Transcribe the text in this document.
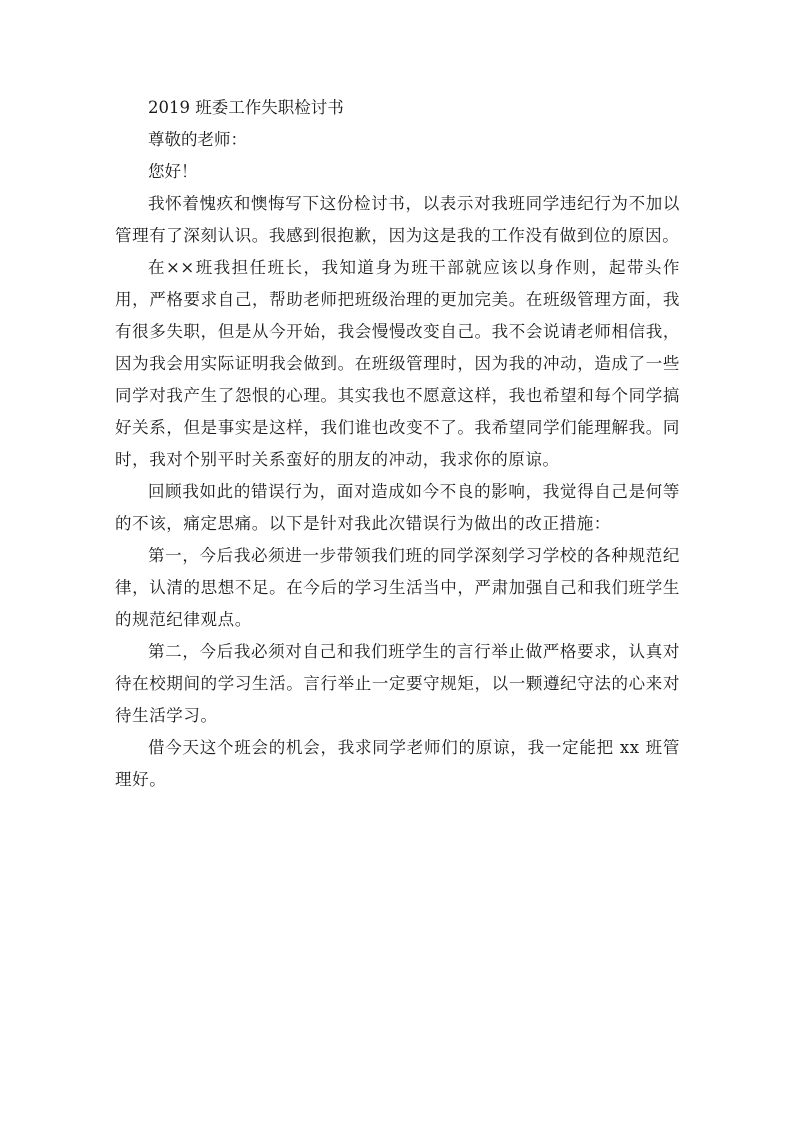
2019 班委工作失职检讨书

尊敬的老师：

您好！

我怀着愧疚和懊悔写下这份检讨书，以表示对我班同学违纪行为不加以管理有了深刻认识。我感到很抱歉，因为这是我的工作没有做到位的原因。

在××班我担任班长，我知道身为班干部就应该以身作则，起带头作用，严格要求自己，帮助老师把班级治理的更加完美。在班级管理方面，我有很多失职，但是从今开始，我会慢慢改变自己。我不会说请老师相信我，因为我会用实际证明我会做到。在班级管理时，因为我的冲动，造成了一些同学对我产生了怨恨的心理。其实我也不愿意这样，我也希望和每个同学搞好关系，但是事实是这样，我们谁也改变不了。我希望同学们能理解我。同时，我对个别平时关系蛮好的朋友的冲动，我求你的原谅。

回顾我如此的错误行为，面对造成如今不良的影响，我觉得自己是何等的不该，痛定思痛。以下是针对我此次错误行为做出的改正措施：

第一，今后我必须进一步带领我们班的同学深刻学习学校的各种规范纪律，认清的思想不足。在今后的学习生活当中，严肃加强自己和我们班学生的规范纪律观点。

第二，今后我必须对自己和我们班学生的言行举止做严格要求，认真对待在校期间的学习生活。言行举止一定要守规矩，以一颗遵纪守法的心来对待生活学习。

借今天这个班会的机会，我求同学老师们的原谅，我一定能把 xx 班管理好。
